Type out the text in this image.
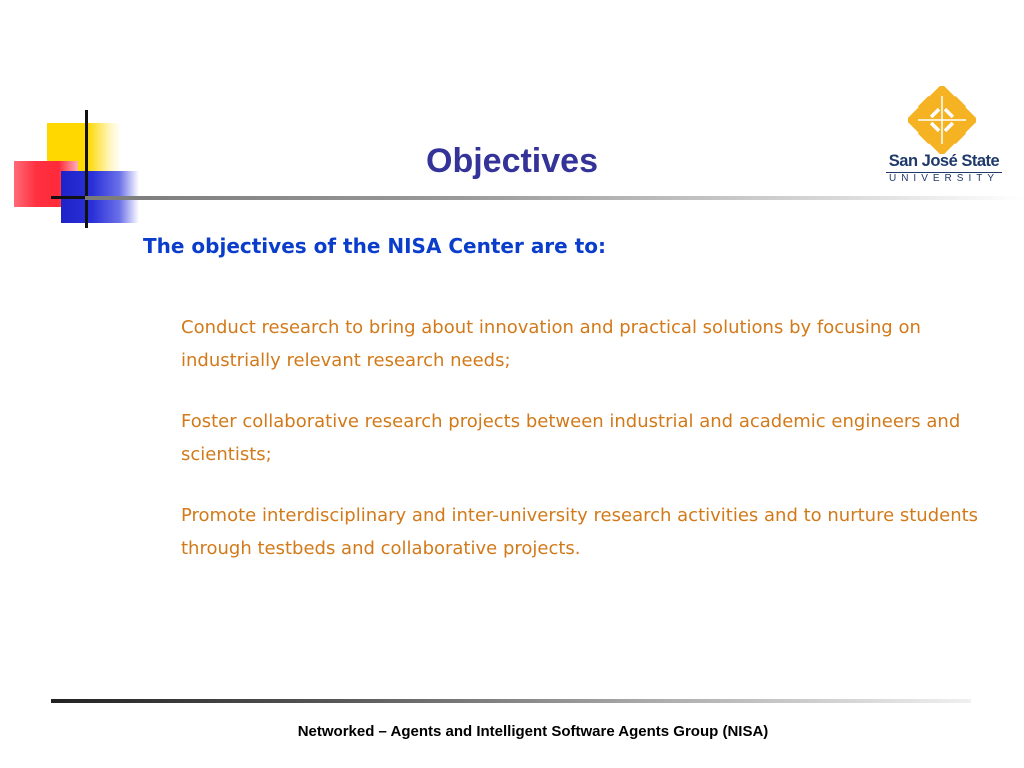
Objectives	San José State
UNIVERSITY
The objectives of the NISA Center are to:
Conduct research to bring about innovation and practical solutions by focusing on industrially relevant research needs;
Foster collaborative research projects between industrial and academic engineers and scientists;
Promote interdisciplinary and inter-university research activities and to nurture students through testbeds and collaborative projects.
Networked – Agents and Intelligent Software Agents Group (NISA)
